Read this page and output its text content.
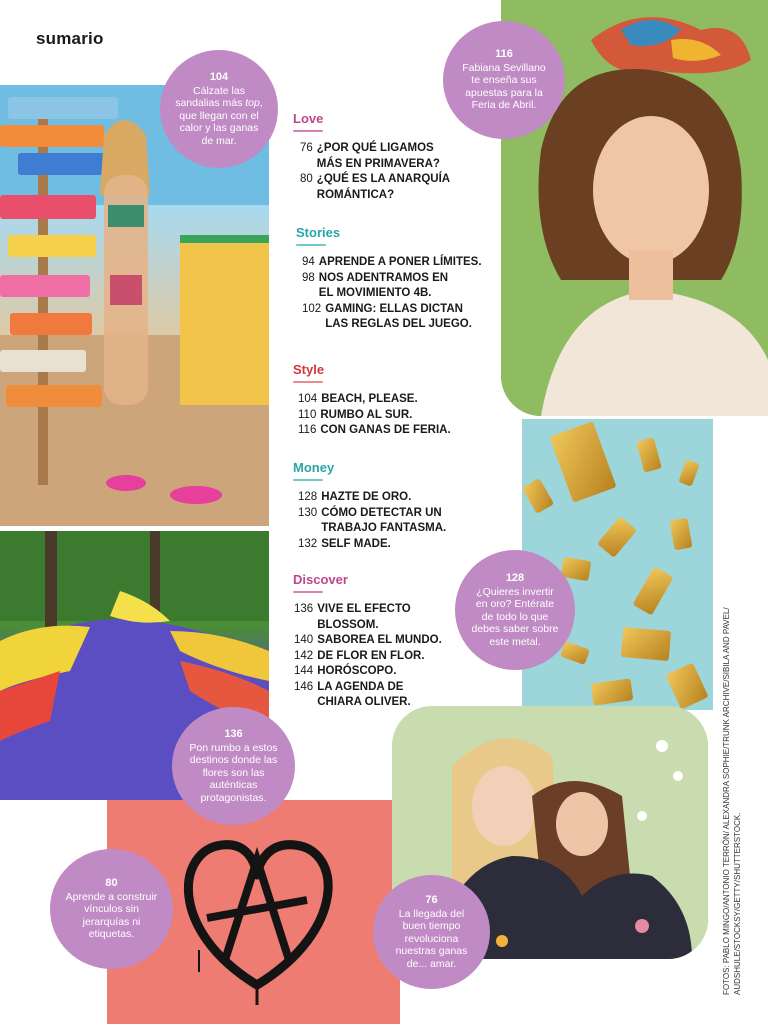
sumario
Love
76 ¿POR QUÉ LIGAMOS
MÁS EN PRIMAVERA?
80 ¿QUÉ ES LA ANARQUÍA
ROMÁNTICA?
Stories
94 APRENDE A PONER LÍMITES.
98 NOS ADENTRAMOS EN
EL MOVIMIENTO 4B.
102 GAMING: ELLAS DICTAN
LAS REGLAS DEL JUEGO.
Style
104 BEACH, PLEASE.
110 RUMBO AL SUR.
116 CON GANAS DE FERIA.
Money
128 HAZTE DE ORO.
130 CÓMO DETECTAR UN
TRABAJO FANTASMA.
132 SELF MADE.
Discover
136 VIVE EL EFECTO
BLOSSOM.
140 SABOREA EL MUNDO.
142 DE FLOR EN FLOR.
144 HORÓSCOPO.
146 LA AGENDA DE
CHIARA OLIVER.
104
Cálzate las sandalias más top, que llegan con el calor y las ganas de mar.
116
Fabiana Sevillano te enseña sus apuestas para la Feria de Abril.
128
¿Quieres invertir en oro? Entérate de todo lo que debes saber sobre este metal.
136
Pon rumbo a estos destinos donde las flores son las auténticas protagonistas.
80
Aprende a construir vínculos sin jerarquías ni etiquetas.
76
La llegada del buen tiempo revoluciona nuestras ganas de... amar.	FOTOS: PABLO MINGO/ANTONIO TERRÓN/ ALEXANDRA SOPHIE/TRUNK ARCHIVE/SIBILA AND PAVEL/ AUDSHULE/STOCKSY/GETTY/SHUTTERSTOCK.
